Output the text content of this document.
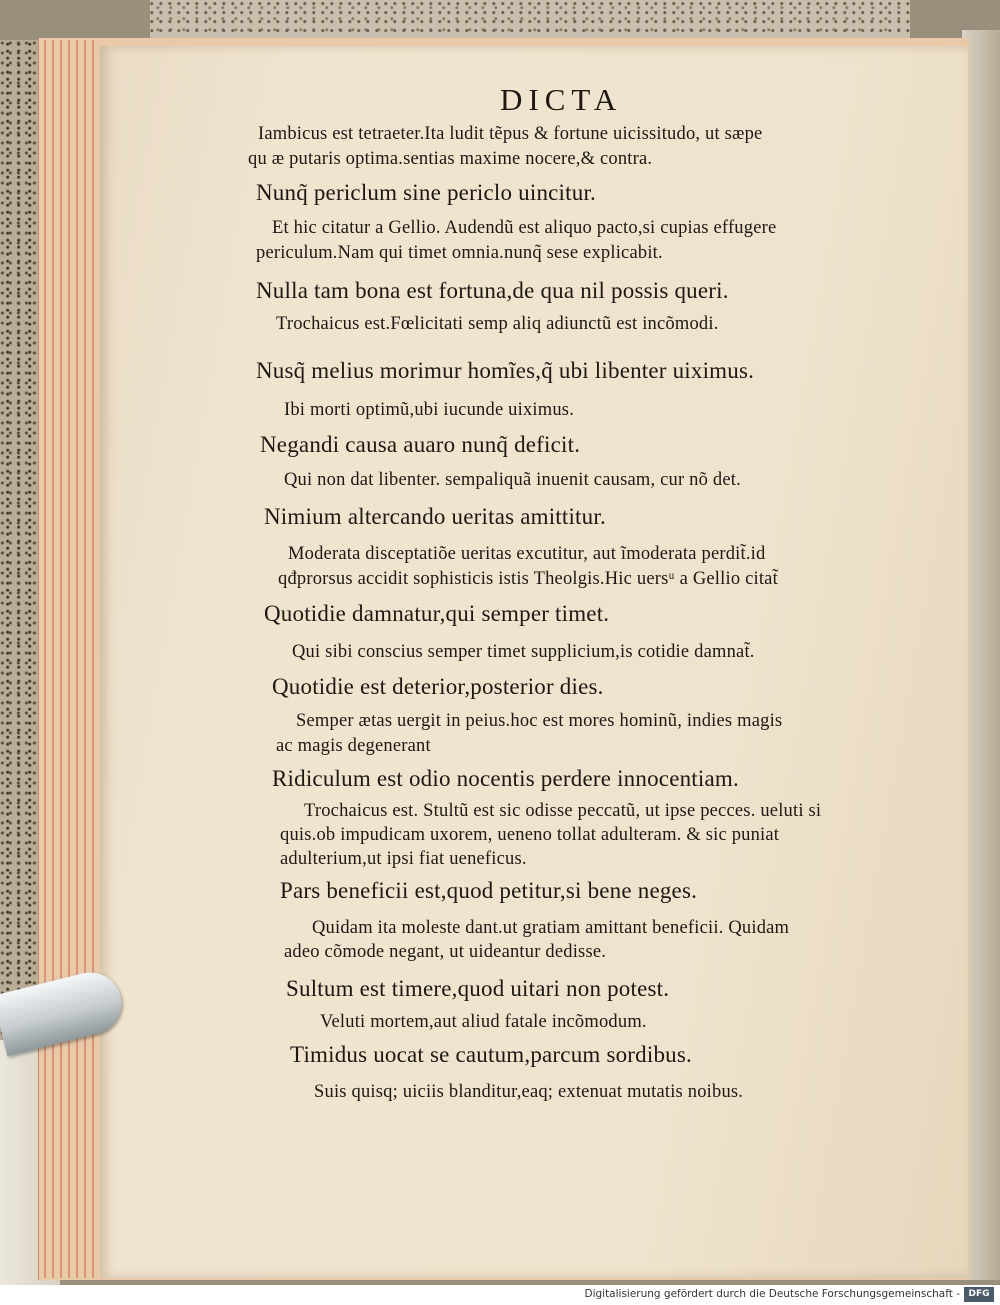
DICTA
Iambicus est tetraeter.Ita ludit tẽpus & fortune uicissitudo, ut sæpe
qu æ putaris optima.sentias maxime nocere,& contra.
Nunq̃ periclum sine periclo uincitur.
Et hic citatur a Gellio. Audendũ est aliquo pacto,si cupias effugere
periculum.Nam qui timet omnia.nunq̃ sese explicabit.
Nulla tam bona est fortuna,de qua nil possis queri.
Trochaicus est.Fœlicitati semp aliq adiunctũ est incõmodi.
Nusq̃ melius morimur homĩes,q̃ ubi libenter uiximus.
Ibi morti optimũ,ubi iucunde uiximus.
Negandi causa auaro nunq̃ deficit.
Qui non dat libenter. sempaliquã inuenit causam, cur nõ det.
Nimium altercando ueritas amittitur.
Moderata disceptatiõe ueritas excutitur, aut ĩmoderata perdit̃.id
qđprorsus accidit sophisticis istis Theolgis.Hic uersᵘ a Gellio citat̃
Quotidie damnatur,qui semper timet.
Qui sibi conscius semper timet supplicium,is cotidie damnat̃.
Quotidie est deterior,posterior dies.
Semper ætas uergit in peius.hoc est mores hominũ, indies magis
ac magis degenerant
Ridiculum est odio nocentis perdere innocentiam.
Trochaicus est. Stultũ est sic odisse peccatũ, ut ipse pecces. ueluti si
quis.ob impudicam uxorem, ueneno tollat adulteram. & sic puniat
adulterium,ut ipsi fiat ueneficus.
Pars beneficii est,quod petitur,si bene neges.
Quidam ita moleste dant.ut gratiam amittant beneficii. Quidam
adeo cõmode negant, ut uideantur dedisse.
Sultum est timere,quod uitari non potest.
Veluti mortem,aut aliud fatale incõmodum.
Timidus uocat se cautum,parcum sordibus.
Suis quisq; uiciis blanditur,eaq; extenuat mutatis noibus.
Digitalisierung gefördert durch die Deutsche Forschungsgemeinschaft - DFG
